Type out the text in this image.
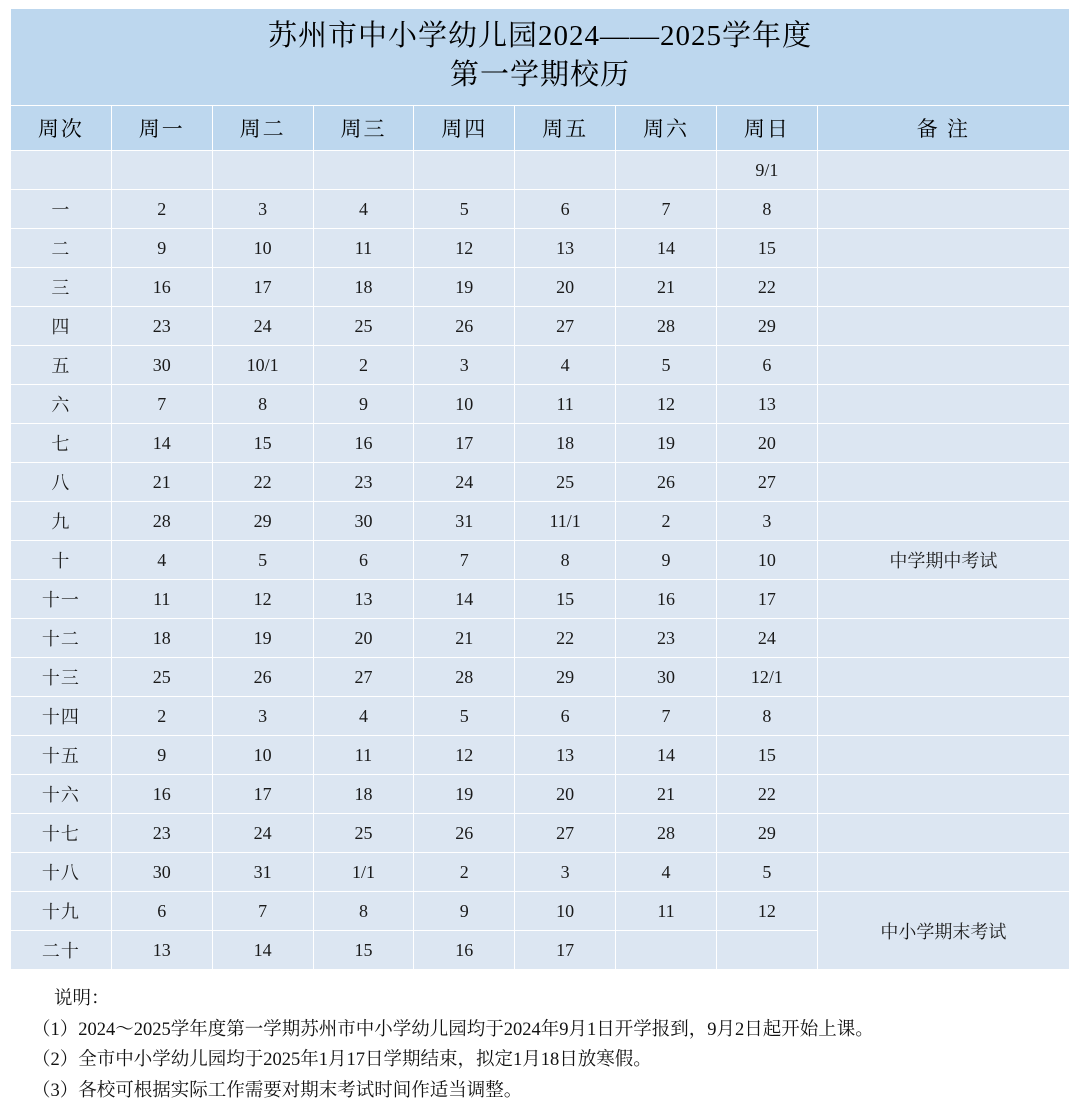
苏州市中小学幼儿园2024——2025学年度
第一学期校历								

周次	周一	周二	周三	周四	周五	周六	周日	备 注
							9/1	
一	2	3	4	5	6	7	8	
二	9	10	11	12	13	14	15	
三	16	17	18	19	20	21	22	
四	23	24	25	26	27	28	29	
五	30	10/1	2	3	4	5	6	
六	7	8	9	10	11	12	13	
七	14	15	16	17	18	19	20	
八	21	22	23	24	25	26	27	
九	28	29	30	31	11/1	2	3	
十	4	5	6	7	8	9	10	中学期中考试
十一	11	12	13	14	15	16	17	
十二	18	19	20	21	22	23	24	
十三	25	26	27	28	29	30	12/1	
十四	2	3	4	5	6	7	8	
十五	9	10	11	12	13	14	15	
十六	16	17	18	19	20	21	22	
十七	23	24	25	26	27	28	29	
十八	30	31	1/1	2	3	4	5	
十九	6	7	8	9	10	11	12	中小学期末考试
二十	13	14	15	16	17			

说明：

（1）2024～2025学年度第一学期苏州市中小学幼儿园均于2024年9月1日开学报到，9月2日起开始上课。

（2）全市中小学幼儿园均于2025年1月17日学期结束，拟定1月18日放寒假。

（3）各校可根据实际工作需要对期末考试时间作适当调整。
